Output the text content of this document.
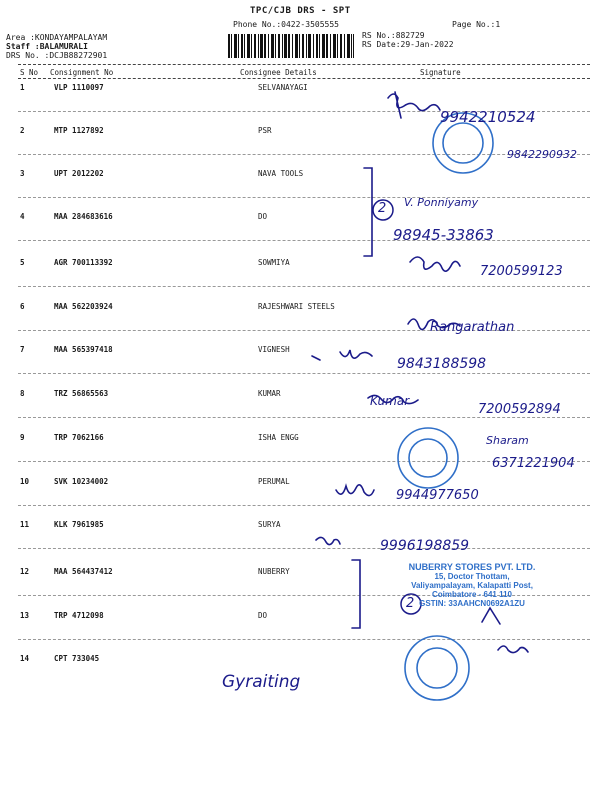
TPC/CJB DRS - SPT
Phone No.:0422-3505555	Page No.:1
Area :KONDAYAMPALAYAM
Staff :BALAMURALI
DRS No. :DCJB88272901
RS No.:882729
RS Date:29-Jan-2022
S No Consignment No	Consignee Details	Signature
1	VLP 1110097	SELVANAYAGI
2	MTP 1127892	PSR
3	UPT 2012202	NAVA TOOLS
4	MAA 284683616	DO
5	AGR 700113392	SOWMIYA
6	MAA 562203924	RAJESHWARI STEELS
7	MAA 565397418	VIGNESH
8	TRZ 56865563	KUMAR
9	TRP 7062166	ISHA ENGG
10	SVK 10234002	PERUMAL
11	KLK 7961985	SURYA
12	MAA 564437412	NUBERRY
13	TRP 4712098	DO
14	CPT 733045
9942210524
9842290932
2 V. Ponniyamy
98945-33863
7200599123
Rangarathan
9843188598
Kumar
7200592894
Sharam
6371221904
9944977650
9996198859
2
Gyraiting
NUBERRY STORES PVT. LTD.
15, Doctor Thottam,
Valiyampalayam, Kalapatti Post,
Coimbatore - 641 110
GSTIN: 33AAHCN0692A1ZU
